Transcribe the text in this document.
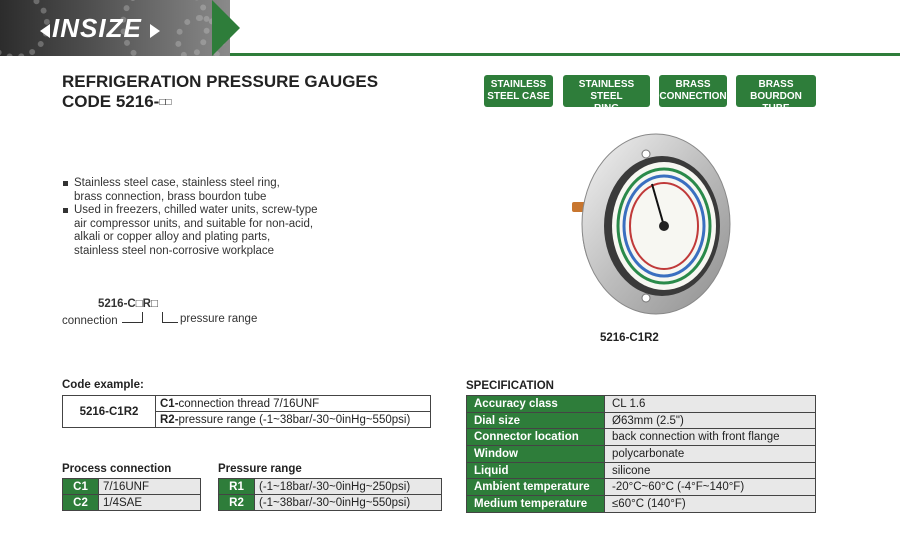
INSIZE
REFRIGERATION PRESSURE GAUGES
CODE 5216-□□
STAINLESS
STEEL CASE
STAINLESS STEEL
RING
BRASS
CONNECTION
BRASS
BOURDON TUBE
Stainless steel case, stainless steel ring,
brass connection, brass bourdon tube
Used in freezers, chilled water units, screw-type
air compressor units, and suitable for non-acid,
alkali or copper alloy and plating parts,
stainless steel non-corrosive workplace
5216-C□R□
connection	pressure range
5216-C1R2
Code example:
5216-C1R2	C1-connection thread 7/16UNF
R2-pressure range (-1~38bar/-30~0inHg~550psi)
Process connection
C1	7/16UNF
C2	1/4SAE
Pressure range
R1	(-1~18bar/-30~0inHg~250psi)
R2	(-1~38bar/-30~0inHg~550psi)
SPECIFICATION
Accuracy class	CL 1.6
Dial size	Ø63mm (2.5")
Connector location	back connection with front flange
Window	polycarbonate
Liquid	silicone
Ambient temperature	-20°C~60°C (-4°F~140°F)
Medium temperature	≤60°C (140°F)
